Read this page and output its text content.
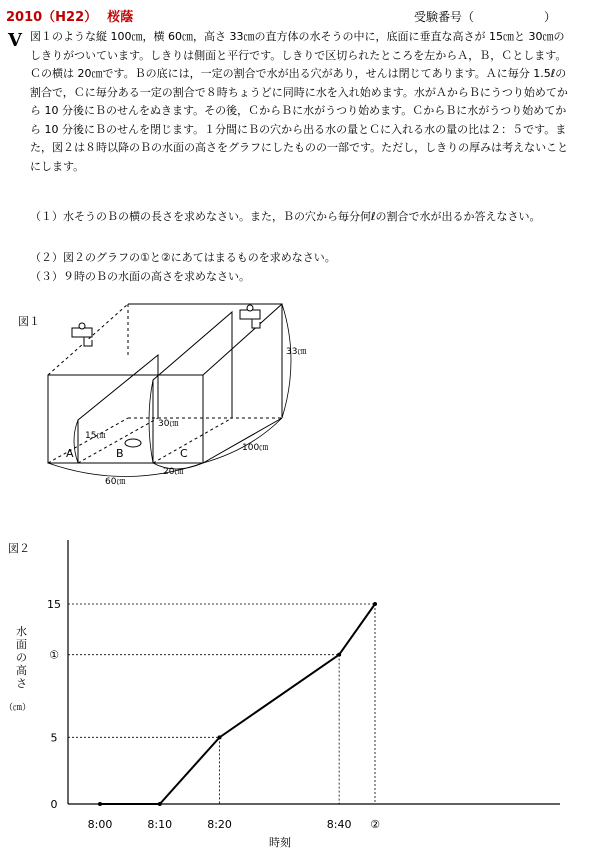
2010（H22） 桜蔭	受験番号（	）
V 図１のような縦 100㎝，横 60㎝，高さ 33㎝の直方体の水そうの中に，底面に垂直な高さが 15㎝と 30㎝のしきりがついています。しきりは側面と平行です。しきりで区切られたところを左からＡ，Ｂ，Ｃとします。Ｃの横は 20㎝です。Ｂの底には，一定の割合で水が出る穴があり，せんは閉じてあります。Ａに毎分 1.5ℓの割合で，Ｃに毎分ある一定の割合で８時ちょうどに同時に水を入れ始めます。水がＡからＢにうつり始めてから 10 分後にＢのせんをぬきます。その後，ＣからＢに水がうつり始めます。ＣからＢに水がうつり始めてから 10 分後にＢのせんを閉じます。１分間にＢの穴から出る水の量とＣに入れる水の量の比は２：５です。また，図２は８時以降のＢの水面の高さをグラフにしたものの一部です。ただし，しきりの厚みは考えないことにします。

（１）水そうのＢの横の長さを求めなさい。また，Ｂの穴から毎分何ℓの割合で水が出るか答えなさい。
（２）図２のグラフの①と②にあてはまるものを求めなさい。
（３）９時のＢの水面の高さを求めなさい。
図１
A	B	C
33㎝
15㎝
30㎝
20㎝
100㎝
60㎝
図２
水面の高さ
（㎝）
8:00	8:10	8:20	8:40 ②
0
5
①
15
時刻
